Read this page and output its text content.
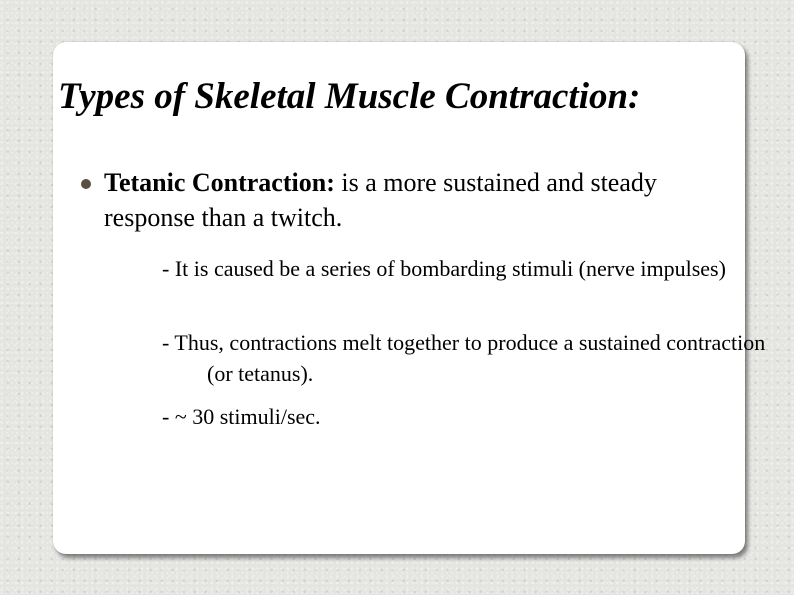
Types of Skeletal Muscle Contraction:

Tetanic Contraction: is a more sustained and steady response than a twitch.

- It is caused be a series of bombarding stimuli (nerve impulses)

- Thus, contractions melt together to produce a sustained contraction (or tetanus).

- ~ 30 stimuli/sec.
